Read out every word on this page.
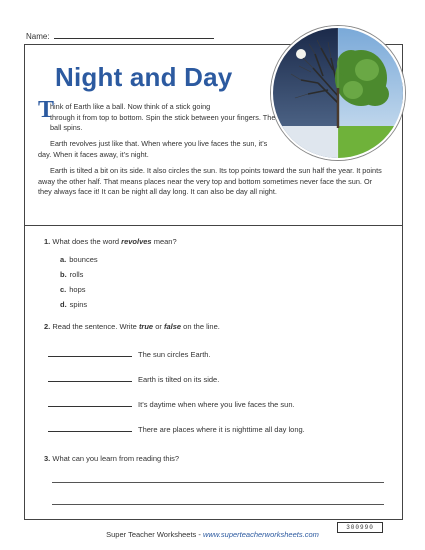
Name:
Night and Day
T
hink of Earth like a ball. Now think of a stick going
through it from top to bottom. Spin the stick between your fingers. The ball spins.
Earth revolves just like that. When where you live faces the sun, it’s day. When it faces away, it’s night.
Earth is tilted a bit on its side. It also circles the sun. Its top points toward the sun half the year. It points away the other half. That means places near the very top and bottom sometimes never face the sun. Or they always face it! It can be night all day long. It can also be day all night.
1. What does the word revolves mean?
a. bounces
b. rolls
c. hops
d. spins
2. Read the sentence. Write true or false on the line.
The sun circles Earth.
Earth is tilted on its side.
It’s daytime when where you live faces the sun.
There are places where it is nighttime all day long.
3. What can you learn from reading this?
300990
Super Teacher Worksheets - www.superteacherworksheets.com
